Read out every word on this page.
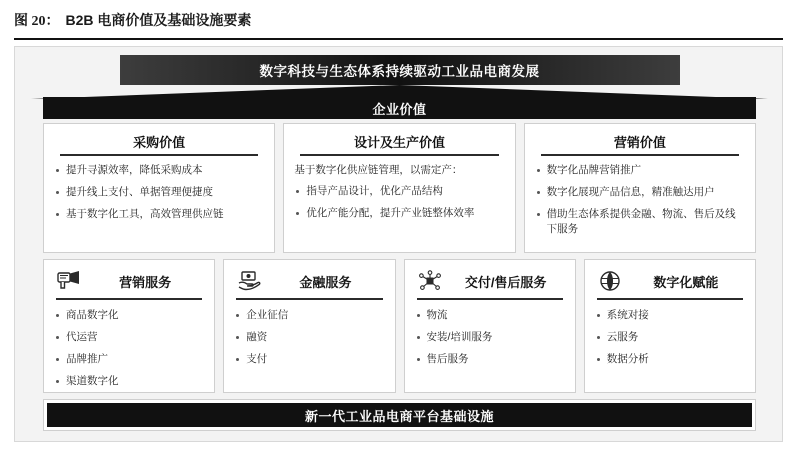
图 20： B2B 电商价值及基础设施要素
数字科技与生态体系持续驱动工业品电商发展
企业价值
采购价值
提升寻源效率，降低采购成本
提升线上支付、单据管理便捷度
基于数字化工具，高效管理供应链
设计及生产价值

基于数字化供应链管理，以需定产：

指导产品设计，优化产品结构
优化产能分配，提升产业链整体效率
营销价值
数字化品牌营销推广
数字化展现产品信息，精准触达用户
借助生态体系提供金融、物流、售后及线下服务
营销服务
商品数字化
代运营
品牌推广
渠道数字化
金融服务
企业征信
融资
支付
交付/售后服务
物流
安装/培训服务
售后服务
数字化赋能
系统对接
云服务
数据分析
新一代工业品电商平台基础设施
